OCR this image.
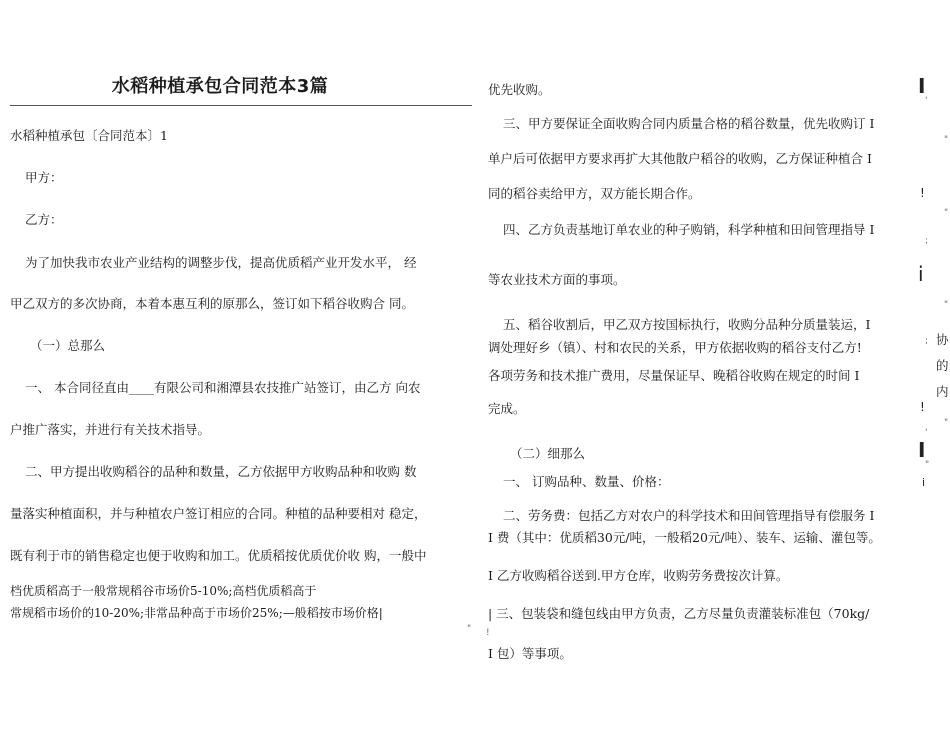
水稻种植承包合同范本3篇
水稻种植承包〔合同范本〕1
甲方：
乙方：
为了加快我市农业产业结构的调整步伐，提高优质稻产业开发水平， 经
甲乙双方的多次协商，本着本惠互利的原那么，签订如下稻谷收购合 同。
（一）总那么
一、 本合同径直由____有限公司和湘潭县农技推广站签订，由乙方 向农
户推广落实，并进行有关技术指导。
二、甲方提出收购稻谷的品种和数量，乙方依据甲方收购品种和收购 数
量落实种植面积，并与种植农户签订相应的合同。种植的品种要相对 稳定，
既有利于市的销售稳定也便于收购和加工。优质稻按优质优价收 购，一般中
档优质稻高于一般常规稻谷市场价5-10%;高档优质稻高于
常规稻市场价的10-20%;非常品种高于市场价25%;—般稻按市场价格|
"
优先收购。
三、甲方要保证全面收购合同内质量合格的稻谷数量，优先收购订 I
单户后可依据甲方要求再扩大其他散户稻谷的收购，乙方保证种植合 I
同的稻谷卖给甲方，双方能长期合作。
四、乙方负责基地订单农业的种子购销，科学种植和田间管理指导 I
等农业技术方面的事项。
五、稻谷收割后，甲乙双方按国标执行，收购分品种分质量装运，I
调处理好乡（镇）、村和农民的关系，甲方依据收购的稻谷支付乙方!
各项劳务和技术推广费用，尽量保证早、晚稻谷收购在规定的时间 I
完成。
（二）细那么
一、 订购品种、数量、价格：
二、劳务费：包括乙方对农户的科学技术和田间管理指导有偿服务 I
I 费（其中：优质稻30元/吨，一般稻20元/吨）、装车、运输、灌包等。
I 乙方收购稻谷送到.甲方仓库，收购劳务费按次计算。
| 三、包装袋和缝包线由甲方负责，乙方尽量负责灌装标准包（70kg/
I 包）等事项。
I
'
"
!
"
;
i
"
协
;
的
内
!
"
'
I
"
i
!
